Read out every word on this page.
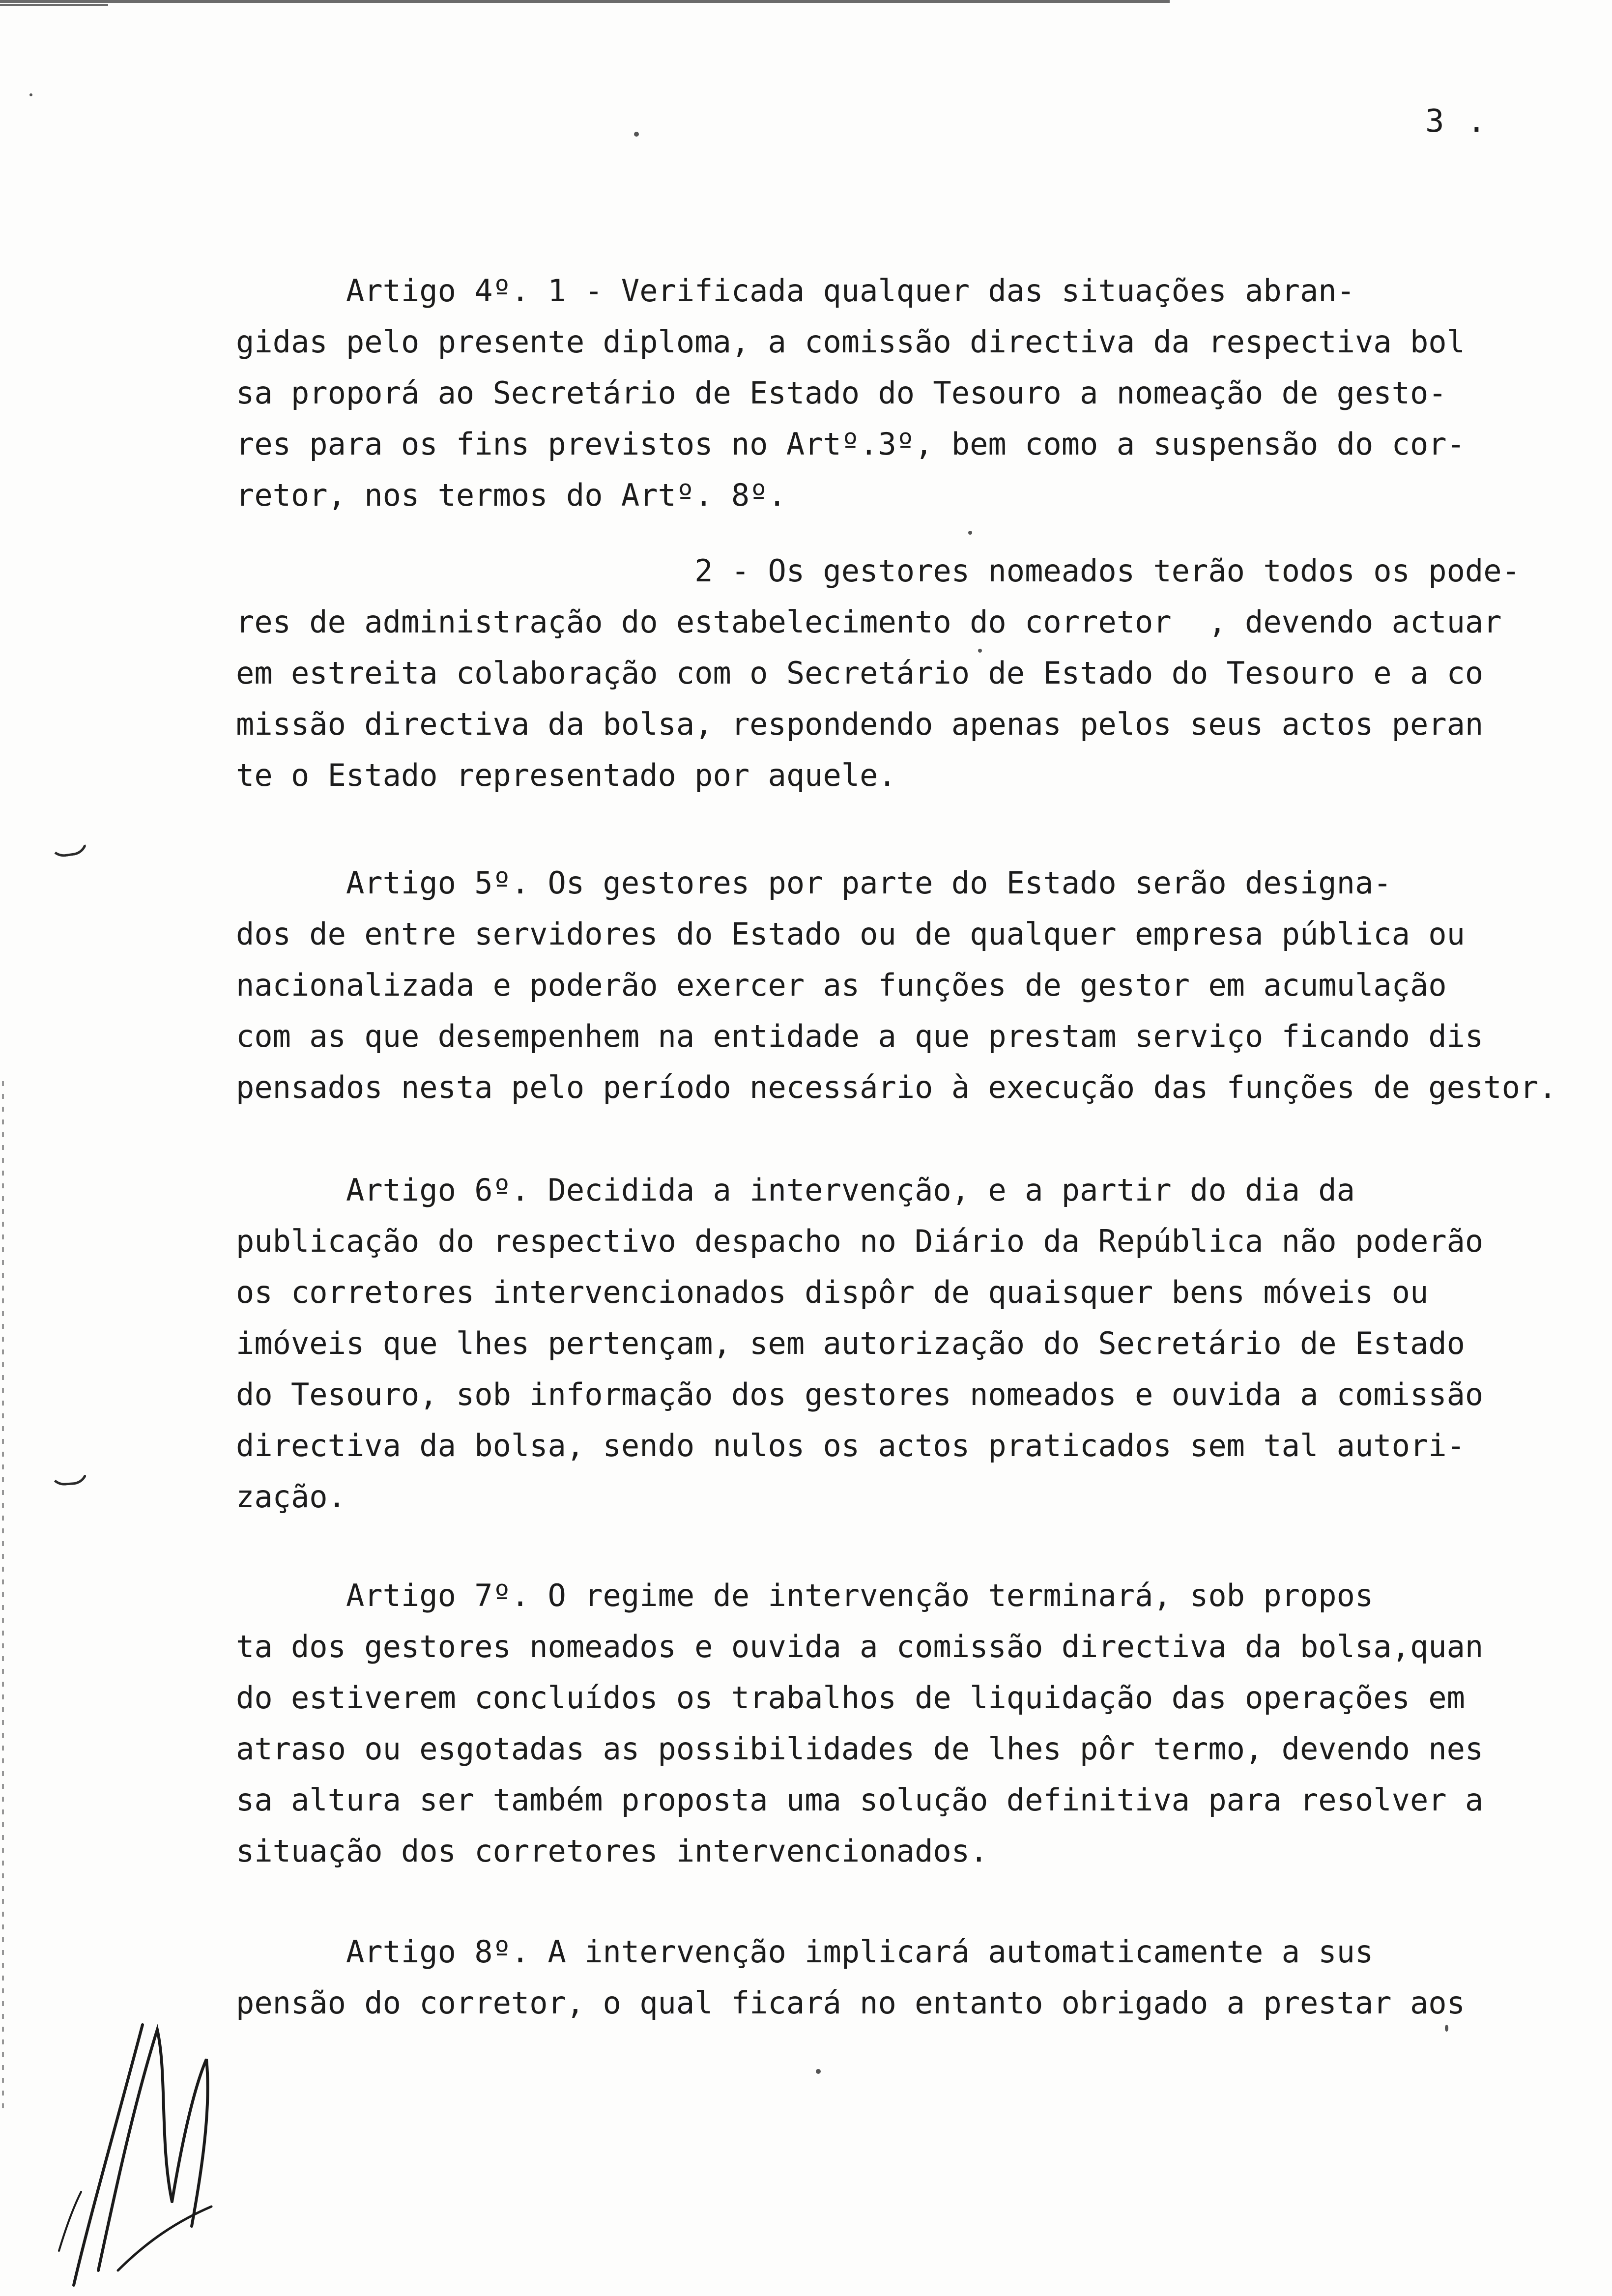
3 .
Artigo 4º. 1 - Verificada qualquer das situações abran-
gidas pelo presente diploma, a comissão directiva da respectiva bol
sa proporá ao Secretário de Estado do Tesouro a nomeação de gesto-
res para os fins previstos no Artº.3º, bem como a suspensão do cor-
retor, nos termos do Artº. 8º.
2 - Os gestores nomeados terão todos os pode-
res de administração do estabelecimento do corretor  , devendo actuar
em estreita colaboração com o Secretário de Estado do Tesouro e a co
missão directiva da bolsa, respondendo apenas pelos seus actos peran
te o Estado representado por aquele.
Artigo 5º. Os gestores por parte do Estado serão designa-
dos de entre servidores do Estado ou de qualquer empresa pública ou
nacionalizada e poderão exercer as funções de gestor em acumulação
com as que desempenhem na entidade a que prestam serviço ficando dis
pensados nesta pelo período necessário à execução das funções de gestor.
Artigo 6º. Decidida a intervenção, e a partir do dia da
publicação do respectivo despacho no Diário da República não poderão
os corretores intervencionados dispôr de quaisquer bens móveis ou
imóveis que lhes pertençam, sem autorização do Secretário de Estado
do Tesouro, sob informação dos gestores nomeados e ouvida a comissão
directiva da bolsa, sendo nulos os actos praticados sem tal autori-
zação.
Artigo 7º. O regime de intervenção terminará, sob propos
ta dos gestores nomeados e ouvida a comissão directiva da bolsa,quan
do estiverem concluídos os trabalhos de liquidação das operações em
atraso ou esgotadas as possibilidades de lhes pôr termo, devendo nes
sa altura ser também proposta uma solução definitiva para resolver a
situação dos corretores intervencionados.
Artigo 8º. A intervenção implicará automaticamente a sus
pensão do corretor, o qual ficará no entanto obrigado a prestar aos
